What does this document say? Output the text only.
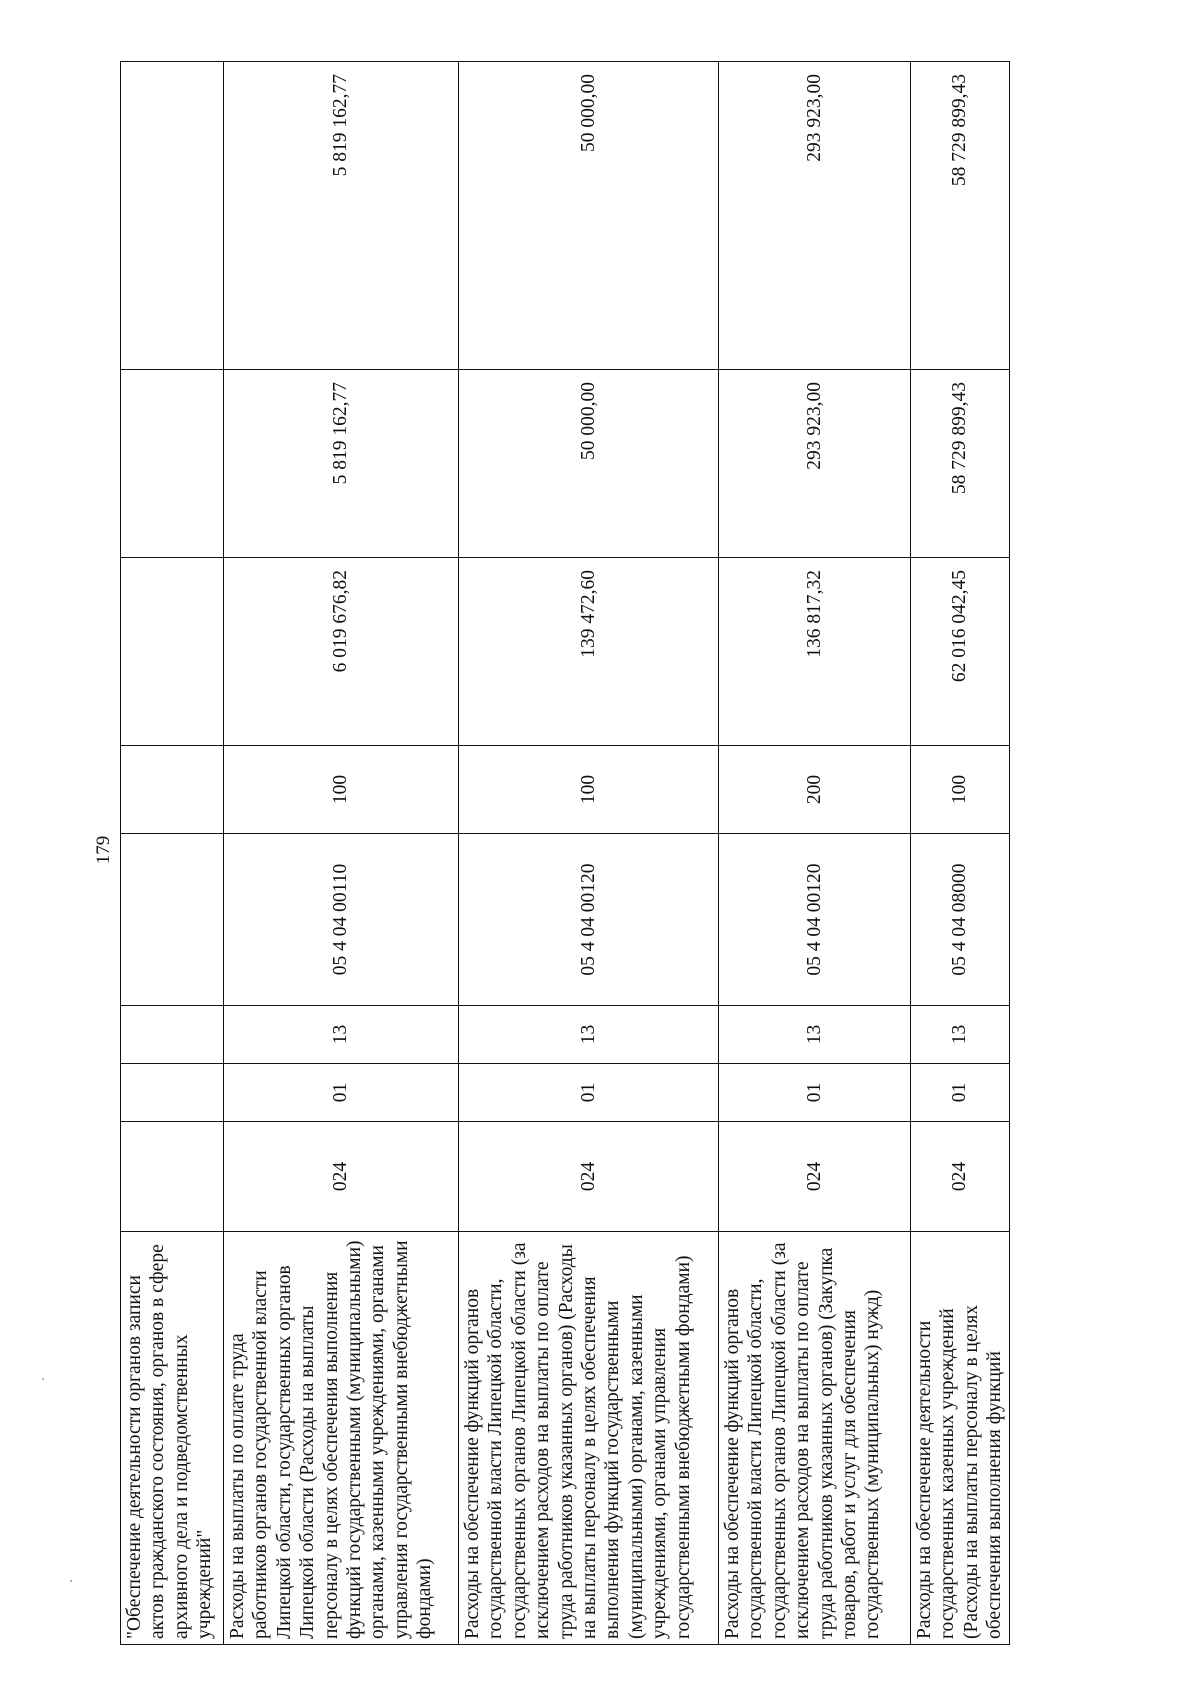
179
"Обеспечение деятельности органов записи актов гражданского состояния, органов в сфере архивного дела и подведомственных учреждений"								
Расходы на выплаты по оплате труда работников органов государственной власти Липецкой области, государственных органов Липецкой области (Расходы на выплаты персоналу в целях обеспечения выполнения функций государственными (муниципальными) органами, казенными учреждениями, органами управления государственными внебюджетными фондами)	024	01	13	05 4 04 00110	100	6 019 676,82	5 819 162,77	5 819 162,77
Расходы на обеспечение функций органов государственной власти Липецкой области, государственных органов Липецкой области (за исключением расходов на выплаты по оплате труда работников указанных органов) (Расходы на выплаты персоналу в целях обеспечения выполнения функций государственными (муниципальными) органами, казенными учреждениями, органами управления государственными внебюджетными фондами)	024	01	13	05 4 04 00120	100	139 472,60	50 000,00	50 000,00
Расходы на обеспечение функций органов государственной власти Липецкой области, государственных органов Липецкой области (за исключением расходов на выплаты по оплате труда работников указанных органов) (Закупка товаров, работ и услуг для обеспечения государственных (муниципальных) нужд)	024	01	13	05 4 04 00120	200	136 817,32	293 923,00	293 923,00
Расходы на обеспечение деятельности государственных казенных учреждений (Расходы на выплаты персоналу в целях обеспечения выполнения функций	024	01	13	05 4 04 08000	100	62 016 042,45	58 729 899,43	58 729 899,43
